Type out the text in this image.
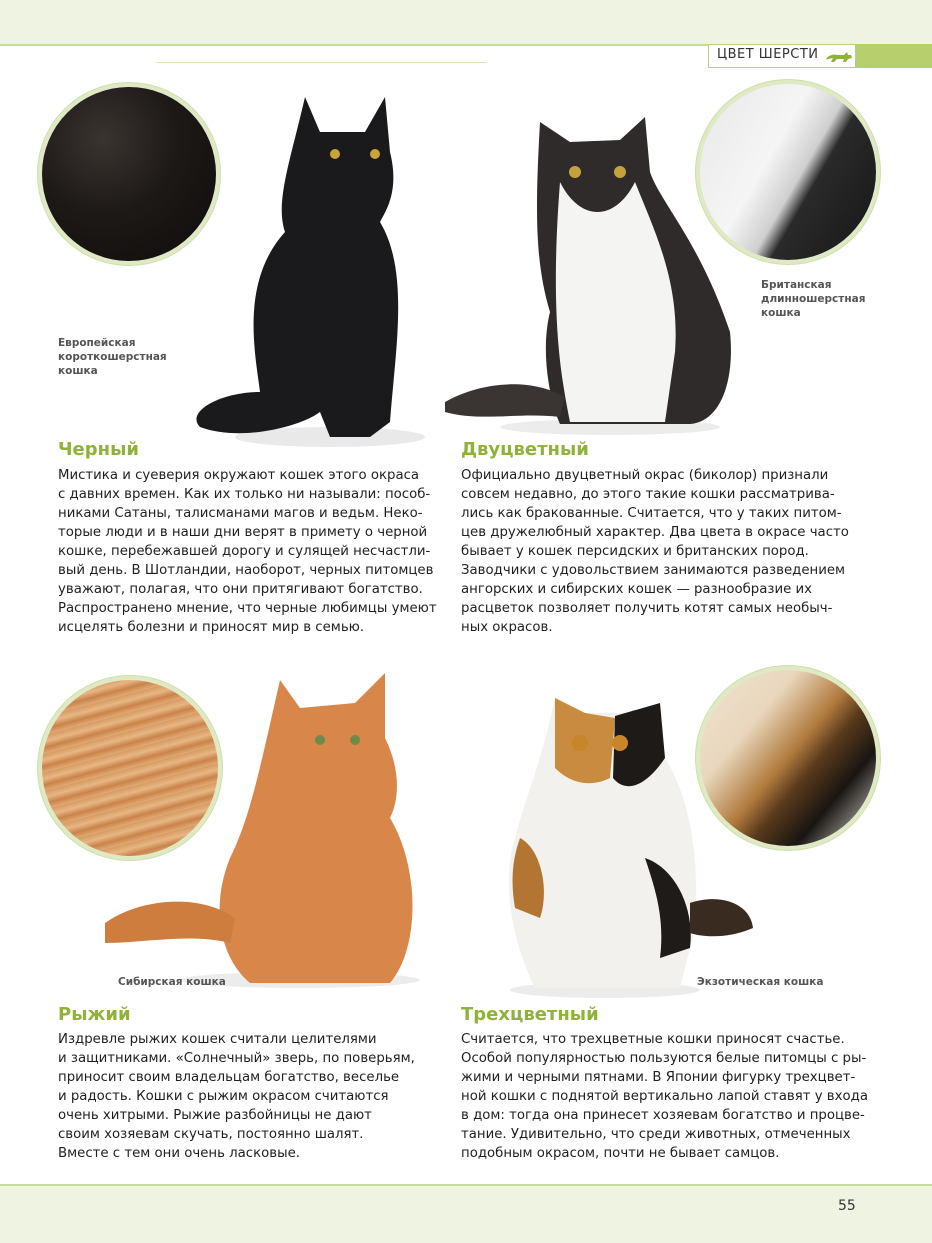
ЦВЕТ ШЕРСТИ
Европейская
короткошерстная
кошка
Британская
длинношерстная
кошка
Сибирская кошка	Экзотическая кошка
Черный	Двуцветный
Рыжий	Трехцветный
Мистика и суеверия окружают кошек этого окраса
с давних времен. Как их только ни называли: пособ-
никами Сатаны, талисманами магов и ведьм. Неко-
торые люди и в наши дни верят в примету о черной
кошке, перебежавшей дорогу и сулящей несчастли-
вый день. В Шотландии, наоборот, черных питомцев
уважают, полагая, что они притягивают богатство.
Распространено мнение, что черные любимцы умеют
исцелять болезни и приносят мир в семью.
Официально двуцветный окрас (биколор) признали
совсем недавно, до этого такие кошки рассматрива-
лись как бракованные. Считается, что у таких питом-
цев дружелюбный характер. Два цвета в окрасе часто
бывает у кошек персидских и британских пород.
Заводчики с удовольствием занимаются разведением
ангорских и сибирских кошек — разнообразие их
расцветок позволяет получить котят самых необыч-
ных окрасов.
Издревле рыжих кошек считали целителями
и защитниками. «Солнечный» зверь, по поверьям,
приносит своим владельцам богатство, веселье
и радость. Кошки с рыжим окрасом считаются
очень хитрыми. Рыжие разбойницы не дают
своим хозяевам скучать, постоянно шалят.
Вместе с тем они очень ласковые.
Считается, что трехцветные кошки приносят счастье.
Особой популярностью пользуются белые питомцы с ры-
жими и черными пятнами. В Японии фигурку трехцвет-
ной кошки с поднятой вертикально лапой ставят у входа
в дом: тогда она принесет хозяевам богатство и процве-
тание. Удивительно, что среди животных, отмеченных
подобным окрасом, почти не бывает самцов.
55
